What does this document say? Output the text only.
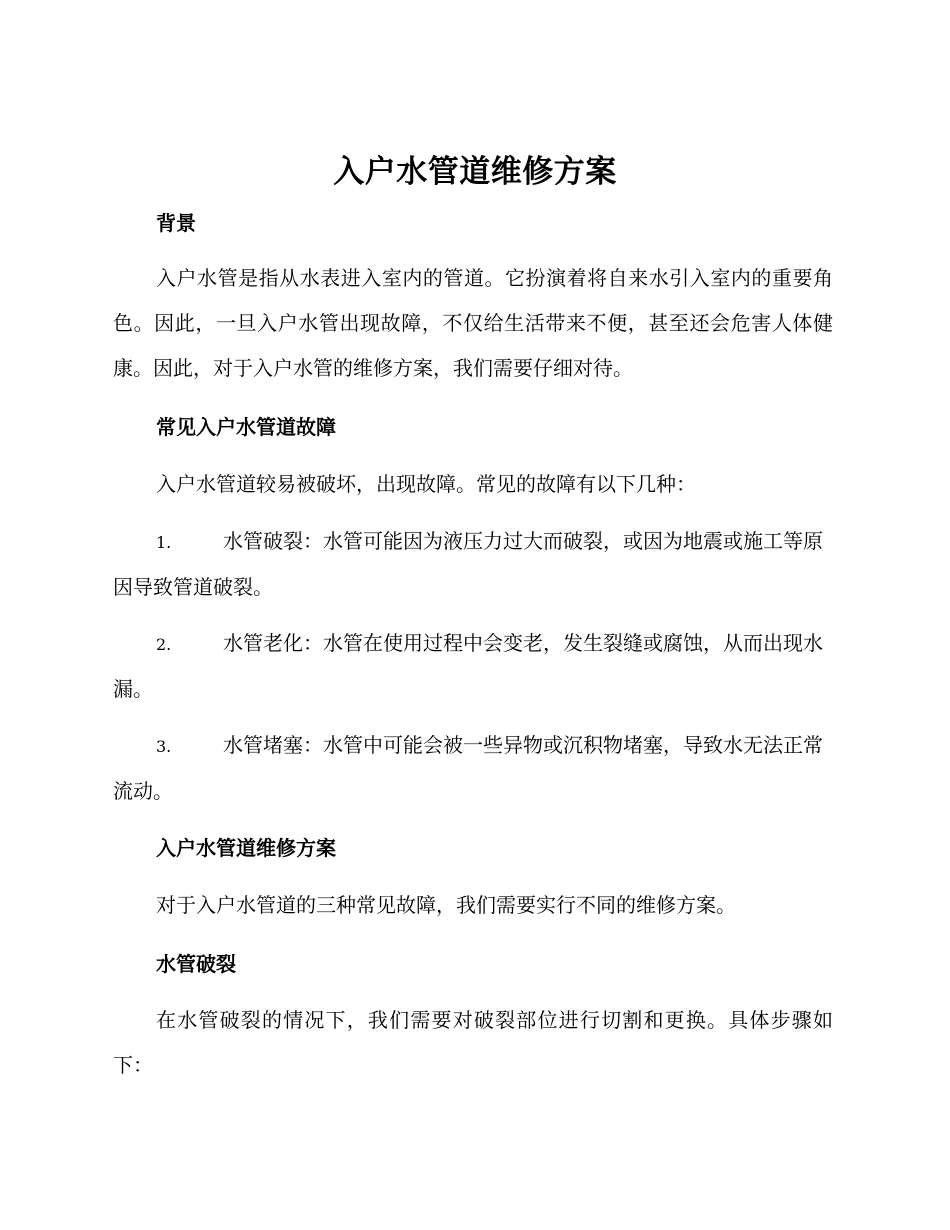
入户水管道维修方案
背景
入户水管是指从水表进入室内的管道。它扮演着将自来水引入室内的重要角色。因此，一旦入户水管出现故障，不仅给生活带来不便，甚至还会危害人体健康。因此，对于入户水管的维修方案，我们需要仔细对待。
常见入户水管道故障
入户水管道较易被破坏，出现故障。常见的故障有以下几种：
1.	水管破裂：水管可能因为液压力过大而破裂，或因为地震或施工等原因导致管道破裂。
2.	水管老化：水管在使用过程中会变老，发生裂缝或腐蚀，从而出现水漏。
3.	水管堵塞：水管中可能会被一些异物或沉积物堵塞，导致水无法正常流动。
入户水管道维修方案
对于入户水管道的三种常见故障，我们需要实行不同的维修方案。
水管破裂
在水管破裂的情况下，我们需要对破裂部位进行切割和更换。具体步骤如下：
